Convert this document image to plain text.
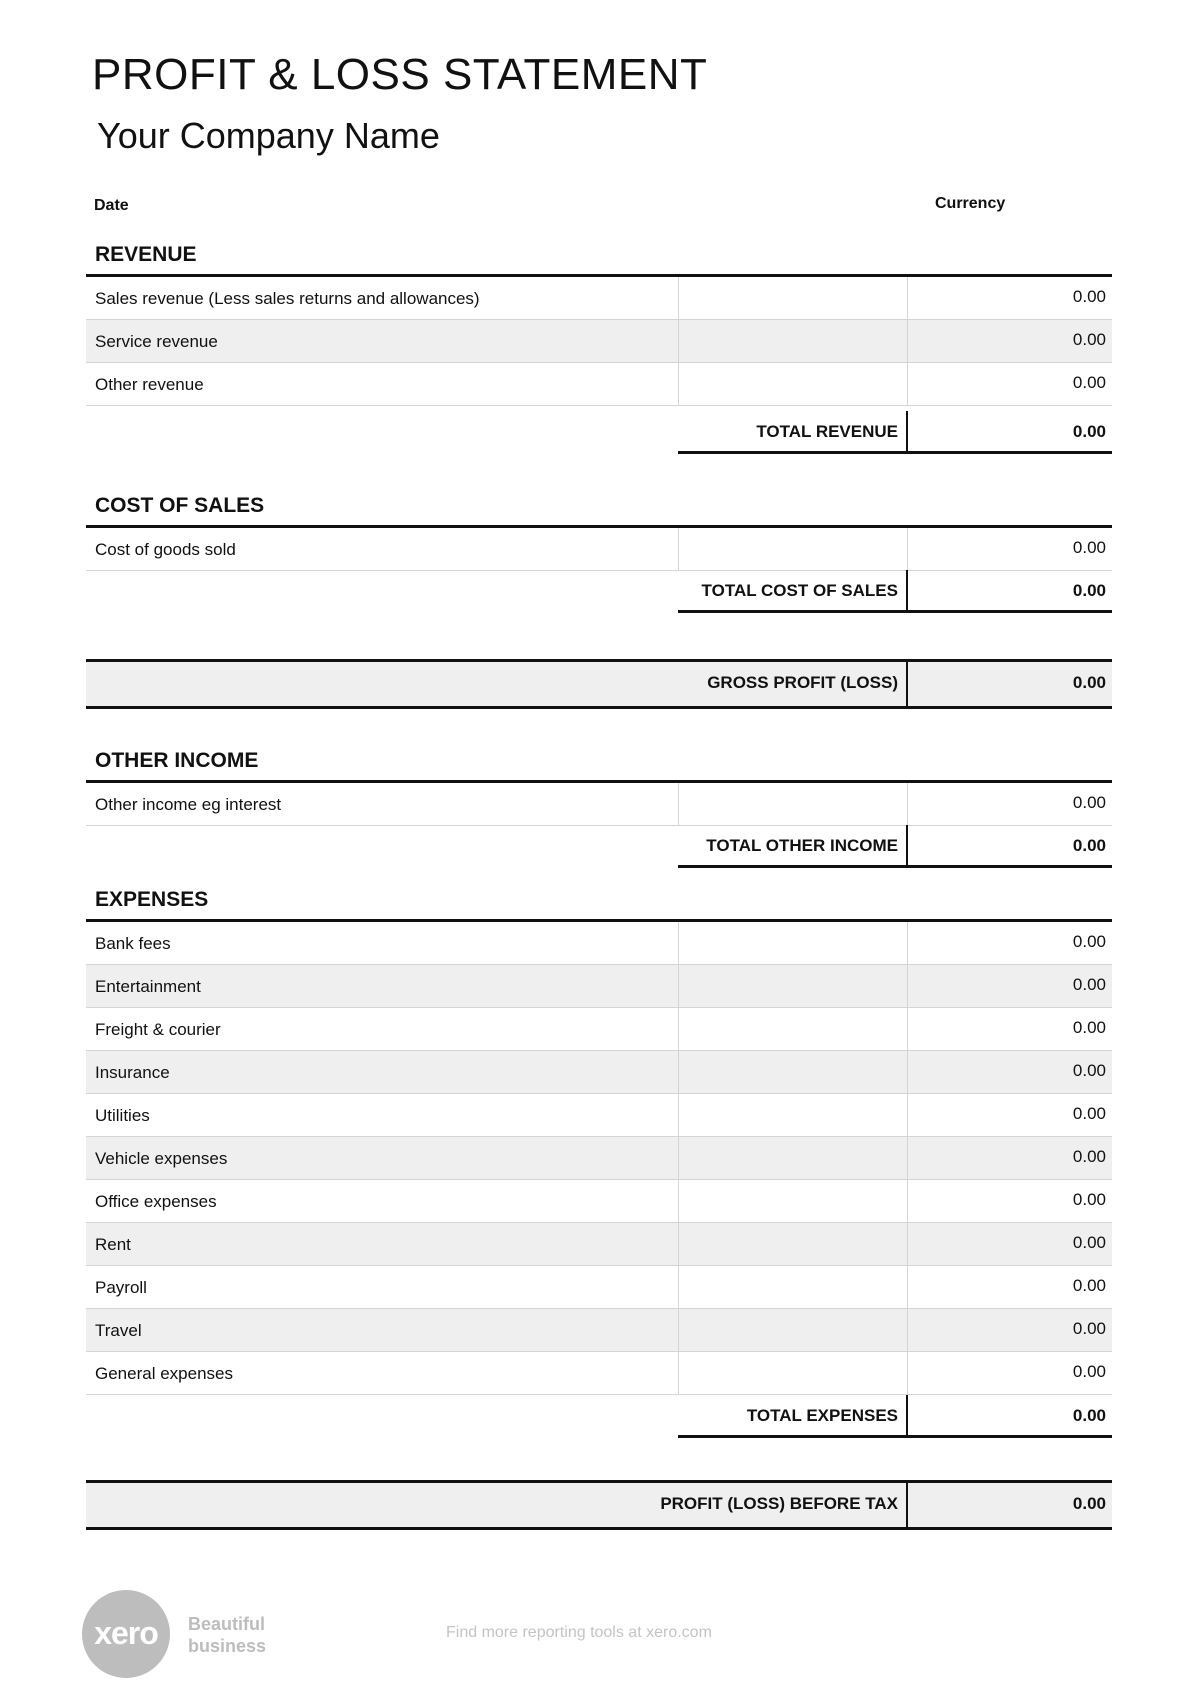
PROFIT & LOSS STATEMENT
Your Company Name
Date	Currency
REVENUE
Sales revenue (Less sales returns and allowances)	0.00
Service revenue	0.00
Other revenue	0.00
TOTAL REVENUE	0.00
COST OF SALES
Cost of goods sold	0.00
TOTAL COST OF SALES	0.00
GROSS PROFIT (LOSS)	0.00
OTHER INCOME
Other income eg interest	0.00
TOTAL OTHER INCOME	0.00
EXPENSES
Bank fees	0.00
Entertainment	0.00
Freight & courier	0.00
Insurance	0.00
Utilities	0.00
Vehicle expenses	0.00
Office expenses	0.00
Rent	0.00
Payroll	0.00
Travel	0.00
General expenses	0.00
TOTAL EXPENSES	0.00
PROFIT (LOSS) BEFORE TAX	0.00
xero	Beautiful business
Find more reporting tools at xero.com
